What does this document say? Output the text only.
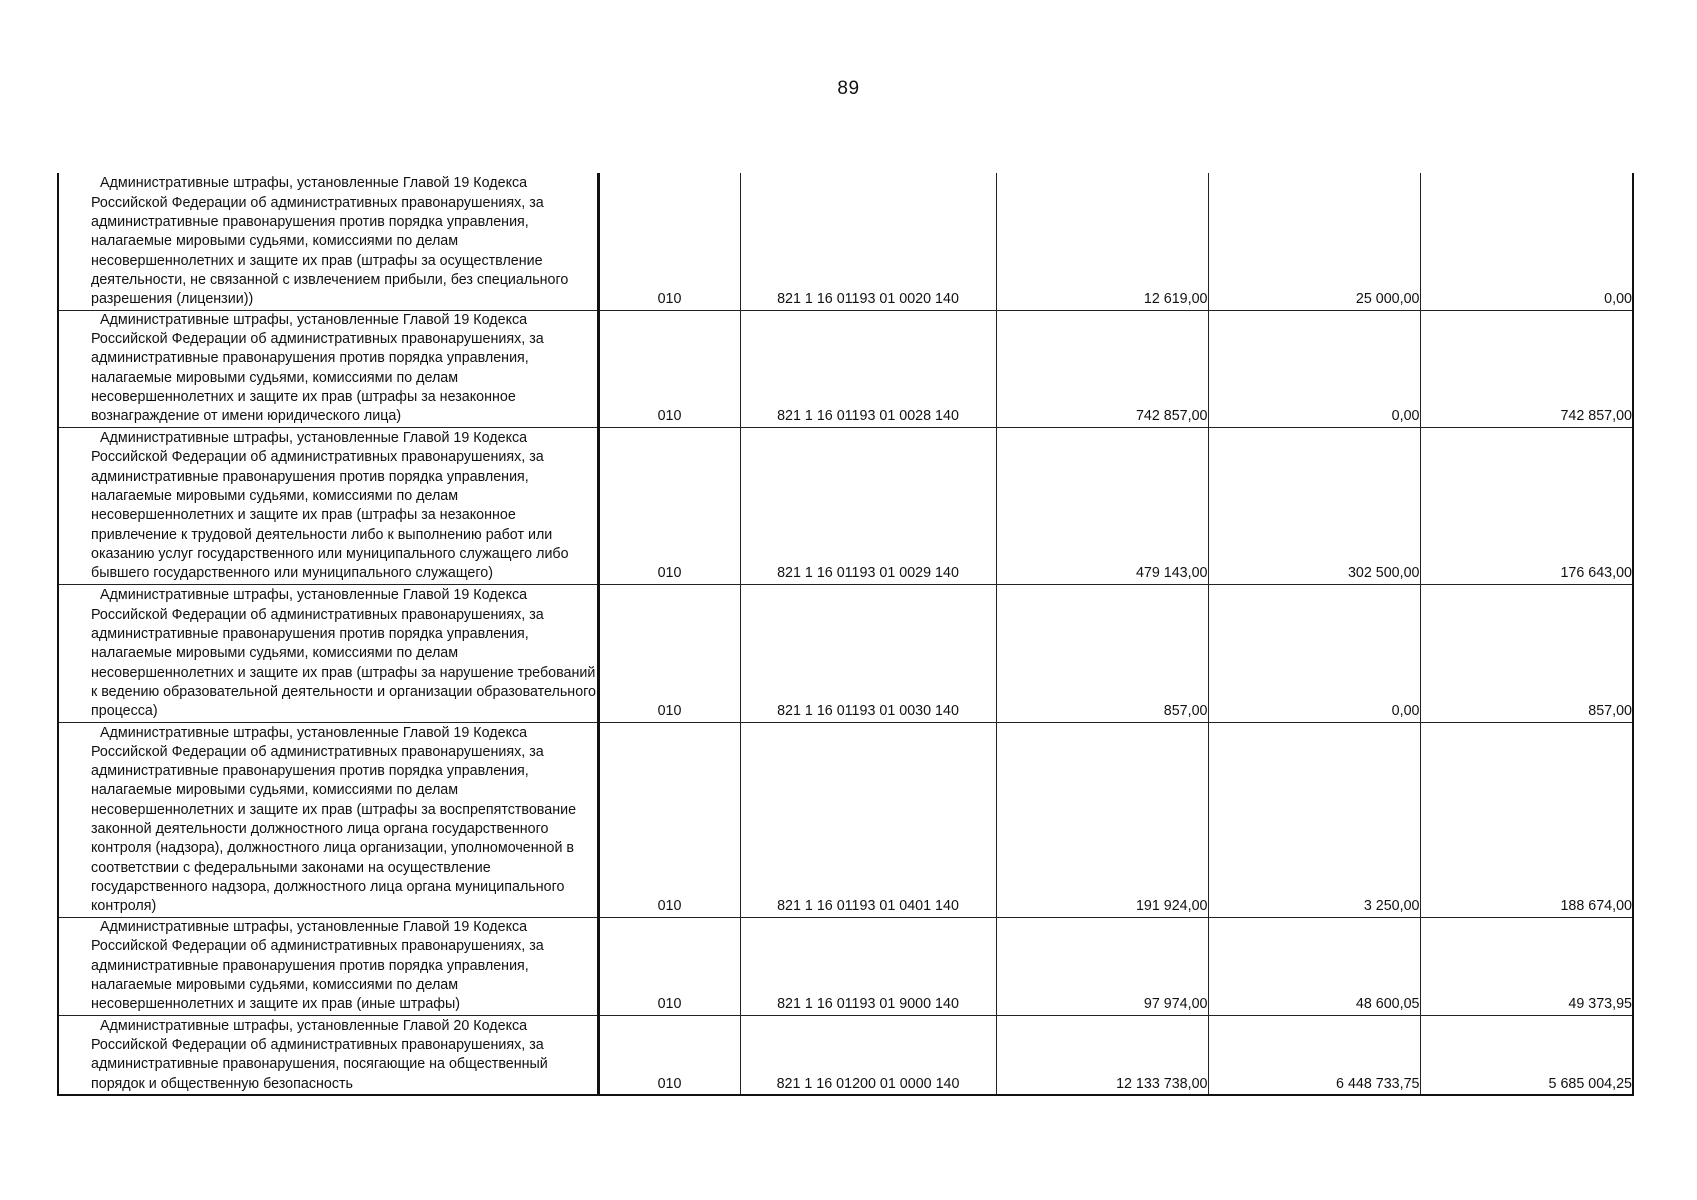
89
Административные штрафы, установленные Главой 19 Кодекса Российской Федерации об административных правонарушениях, за административные правонарушения против порядка управления, налагаемые мировыми судьями, комиссиями по делам несовершеннолетних и защите их прав (штрафы за осуществление деятельности, не связанной с извлечением прибыли, без специального разрешения (лицензии))	010	821 1 16 01193 01 0020 140	12 619,00	25 000,00	0,00

Административные штрафы, установленные Главой 19 Кодекса Российской Федерации об административных правонарушениях, за административные правонарушения против порядка управления, налагаемые мировыми судьями, комиссиями по делам несовершеннолетних и защите их прав (штрафы за незаконное вознаграждение от имени юридического лица)	010	821 1 16 01193 01 0028 140	742 857,00	0,00	742 857,00

Административные штрафы, установленные Главой 19 Кодекса Российской Федерации об административных правонарушениях, за административные правонарушения против порядка управления, налагаемые мировыми судьями, комиссиями по делам несовершеннолетних и защите их прав (штрафы за незаконное привлечение к трудовой деятельности либо к выполнению работ или оказанию услуг государственного или муниципального служащего либо бывшего государственного или муниципального служащего)	010	821 1 16 01193 01 0029 140	479 143,00	302 500,00	176 643,00

Административные штрафы, установленные Главой 19 Кодекса Российской Федерации об административных правонарушениях, за административные правонарушения против порядка управления, налагаемые мировыми судьями, комиссиями по делам несовершеннолетних и защите их прав (штрафы за нарушение требований к ведению образовательной деятельности и организации образовательного процесса)	010	821 1 16 01193 01 0030 140	857,00	0,00	857,00

Административные штрафы, установленные Главой 19 Кодекса Российской Федерации об административных правонарушениях, за административные правонарушения против порядка управления, налагаемые мировыми судьями, комиссиями по делам несовершеннолетних и защите их прав (штрафы за воспрепятствование законной деятельности должностного лица органа государственного контроля (надзора), должностного лица организации, уполномоченной в соответствии с федеральными законами на осуществление государственного надзора, должностного лица органа муниципального контроля)	010	821 1 16 01193 01 0401 140	191 924,00	3 250,00	188 674,00

Административные штрафы, установленные Главой 19 Кодекса Российской Федерации об административных правонарушениях, за административные правонарушения против порядка управления, налагаемые мировыми судьями, комиссиями по делам несовершеннолетних и защите их прав (иные штрафы)	010	821 1 16 01193 01 9000 140	97 974,00	48 600,05	49 373,95

Административные штрафы, установленные Главой 20 Кодекса Российской Федерации об административных правонарушениях, за административные правонарушения, посягающие на общественный порядок и общественную безопасность	010	821 1 16 01200 01 0000 140	12 133 738,00	6 448 733,75	5 685 004,25
